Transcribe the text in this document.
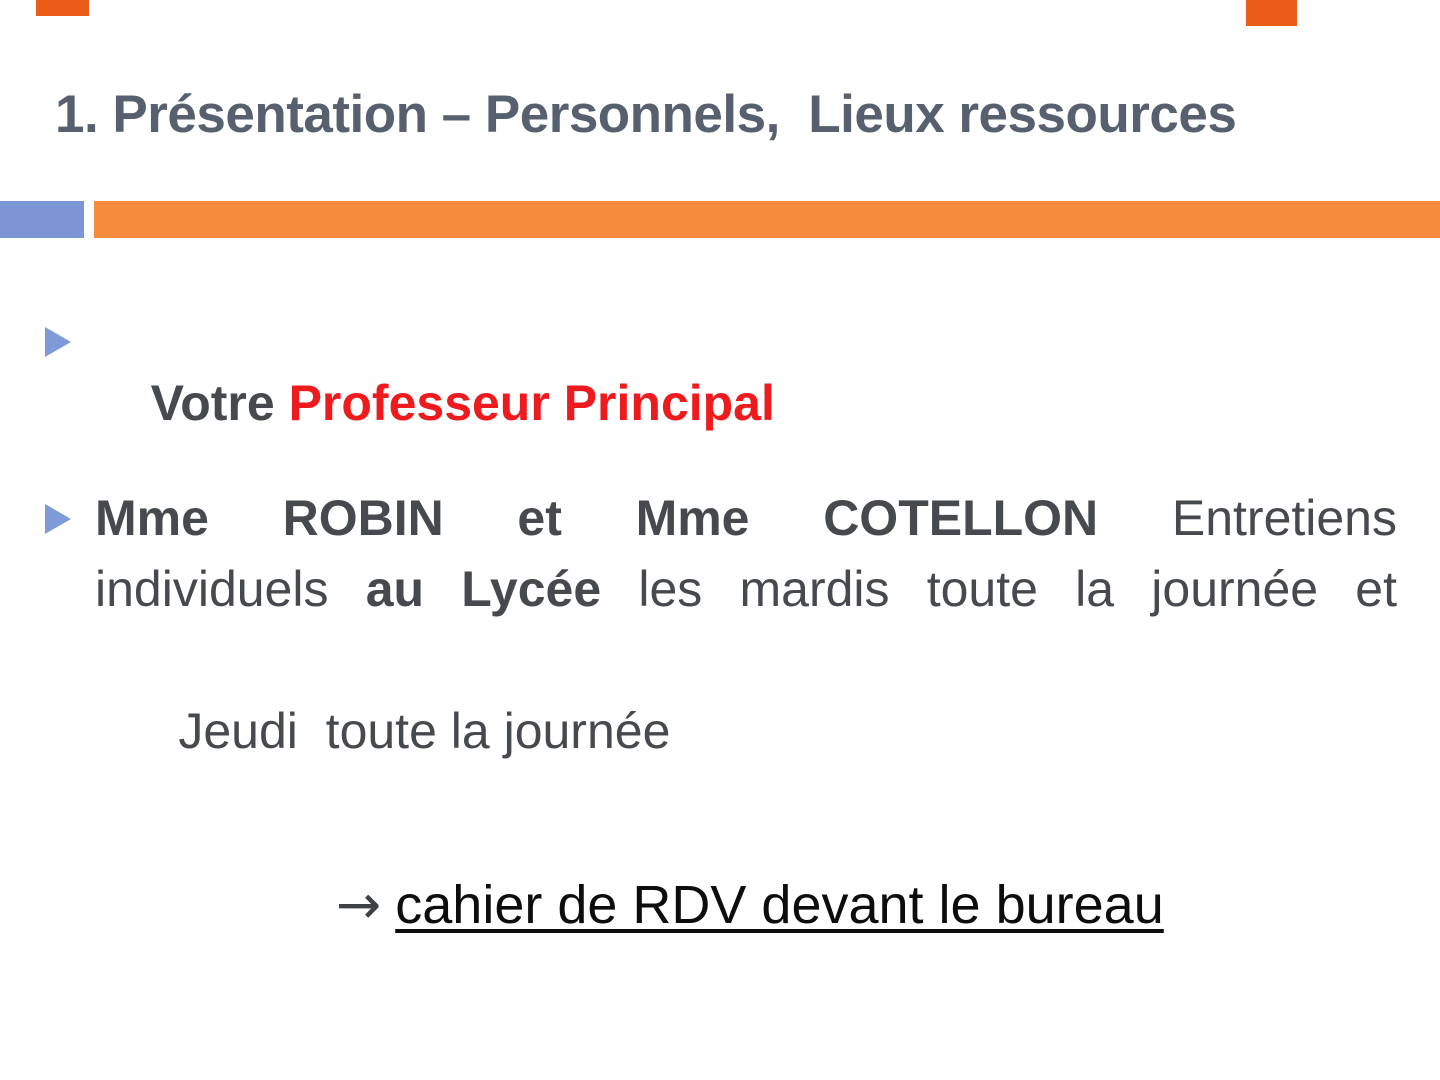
1. Présentation – Personnels,  Lieux ressources

Votre Professeur Principal

Mme ROBIN et Mme COTELLON Entretiens
individuels au Lycée les mardis toute la journée et

Jeudi  toute la journée

→ cahier de RDV devant le bureau
